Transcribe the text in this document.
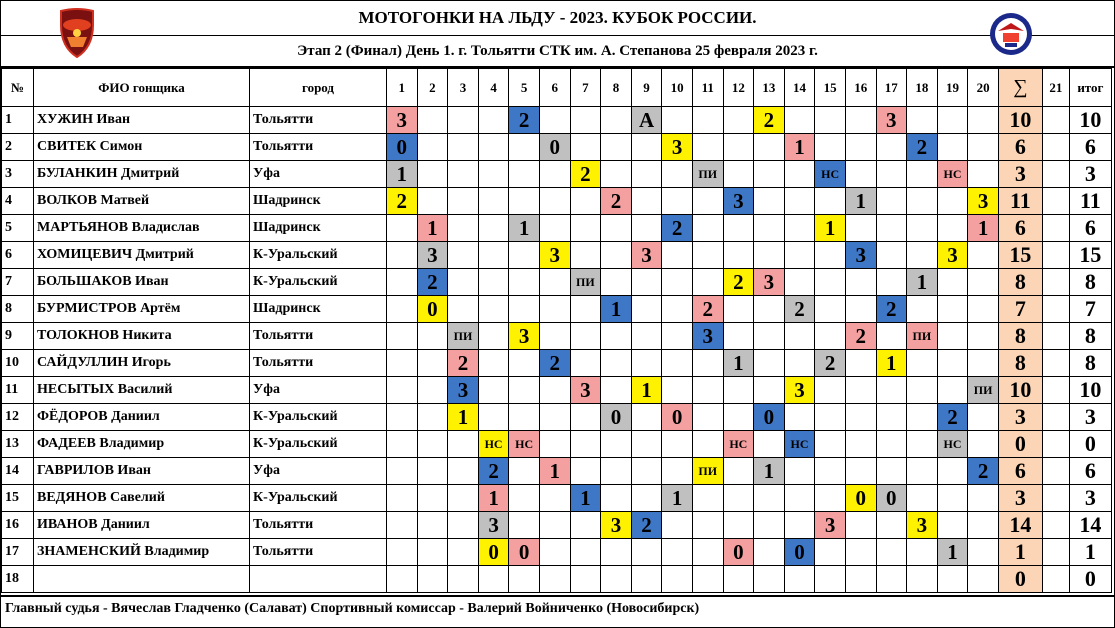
МОТОГОНКИ НА ЛЬДУ - 2023. КУБОК РОССИИ.
Этап 2 (Финал) День 1. г. Тольятти СТК им. А. Степанова 25 февраля 2023 г.
№	ФИО гонщика	город	1	2	3	4	5	6	7	8	9	10	11	12	13	14	15	16	17	18	19	20	∑	21	итог
1	ХУЖИН Иван	Тольятти	3				2				А				2				3				10		10
2	СВИТЕК Симон	Тольятти	0					0				3				1				2			6		6
3	БУЛАНКИН Дмитрий	Уфа	1						2				ПИ				НС				НС		3		3
4	ВОЛКОВ Матвей	Шадринск	2							2				3				1				3	11		11
5	МАРТЬЯНОВ Владислав	Шадринск		1			1					2					1					1	6		6
6	ХОМИЦЕВИЧ Дмитрий	К-Уральский		3				3			3							3			3		15		15
7	БОЛЬШАКОВ Иван	К-Уральский		2					ПИ					2	3					1			8		8
8	БУРМИСТРОВ Артём	Шадринск		0						1			2			2			2				7		7
9	ТОЛОКНОВ Никита	Тольятти			ПИ		3						3					2		ПИ			8		8
10	САЙДУЛЛИН Игорь	Тольятти			2			2						1			2		1				8		8
11	НЕСЫТЫХ Василий	Уфа			3				3		1					3						ПИ	10		10
12	ФЁДОРОВ Даниил	К-Уральский			1					0		0			0						2		3		3
13	ФАДЕЕВ Владимир	К-Уральский				НС	НС							НС		НС					НС		0		0
14	ГАВРИЛОВ Иван	Уфа				2		1					ПИ		1							2	6		6
15	ВЕДЯНОВ Савелий	К-Уральский				1			1			1						0	0				3		3
16	ИВАНОВ Даниил	Тольятти				3				3	2						3			3			14		14
17	ЗНАМЕНСКИЙ Владимир	Тольятти				0	0							0		0					1		1		1
18																							0		0
Главный судья - Вячеслав Гладченко (Салават) Спортивный комиссар - Валерий Войниченко (Новосибирск)
